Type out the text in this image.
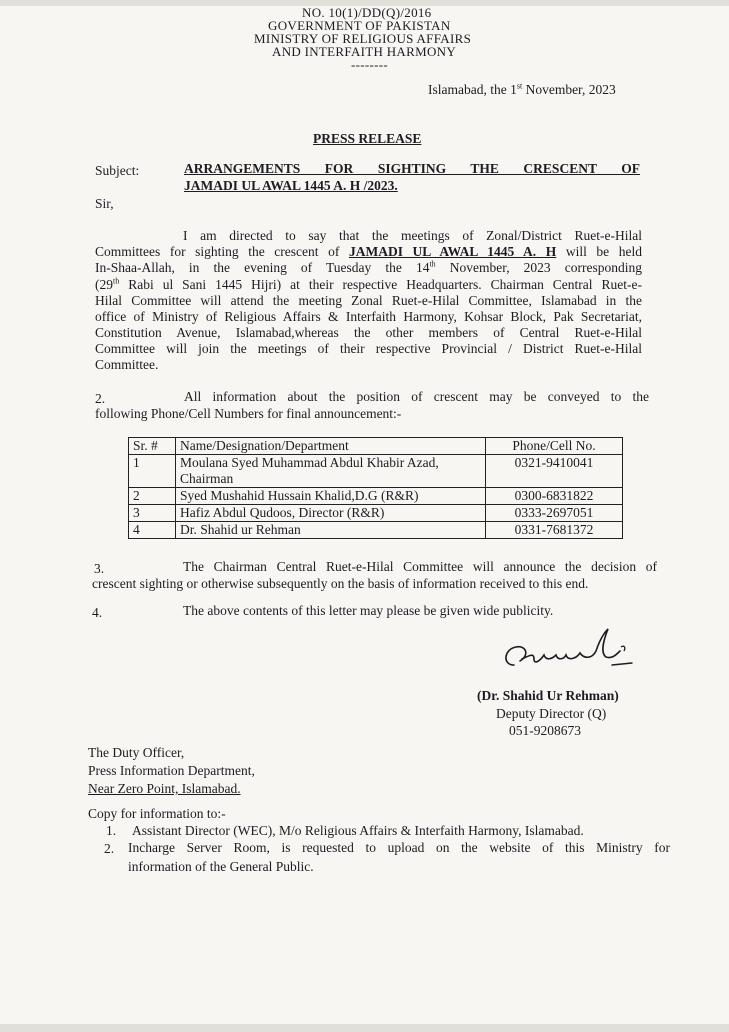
NO. 10(1)/DD(Q)/2016
GOVERNMENT OF PAKISTAN
MINISTRY OF RELIGIOUS AFFAIRS
AND INTERFAITH HARMONY
--------
Islamabad, the 1st November, 2023
PRESS RELEASE
Subject:	ARRANGEMENTS FOR SIGHTING THE CRESCENT OF
JAMADI UL AWAL 1445 A. H /2023.
Sir,
I am directed to say that the meetings of Zonal/District Ruet-e-Hilal
Committees for sighting the crescent of JAMADI UL AWAL 1445 A. H will be held
In-Shaa-Allah, in the evening of Tuesday the 14th November, 2023 corresponding
(29th Rabi ul Sani 1445 Hijri) at their respective Headquarters. Chairman Central Ruet-e-
Hilal Committee will attend the meeting Zonal Ruet-e-Hilal Committee, Islamabad in the
office of Ministry of Religious Affairs & Interfaith Harmony, Kohsar Block, Pak Secretariat,
Constitution Avenue, Islamabad,whereas the other members of Central Ruet-e-Hilal
Committee will join the meetings of their respective Provincial / District Ruet-e-Hilal
Committee.
2.	All information about the position of crescent may be conveyed to the
following Phone/Cell Numbers for final announcement:-
Sr. #	Name/Designation/Department	Phone/Cell No.
1	Moulana Syed Muhammad Abdul Khabir Azad,
Chairman	0321-9410041
2	Syed Mushahid Hussain Khalid,D.G (R&R)	0300-6831822
3	Hafiz Abdul Qudoos, Director (R&R)	0333-2697051
4	Dr. Shahid ur Rehman	0331-7681372
3.	The Chairman Central Ruet-e-Hilal Committee will announce the decision of
crescent sighting or otherwise subsequently on the basis of information received to this end.
4.	The above contents of this letter may please be given wide publicity.
(Dr. Shahid Ur Rehman)
Deputy Director (Q)
051-9208673
The Duty Officer,
Press Information Department,
Near Zero Point, Islamabad.
Copy for information to:-
1. Assistant Director (WEC), M/o Religious Affairs & Interfaith Harmony, Islamabad.
2. Incharge Server Room, is requested to upload on the website of this Ministry for
information of the General Public.
